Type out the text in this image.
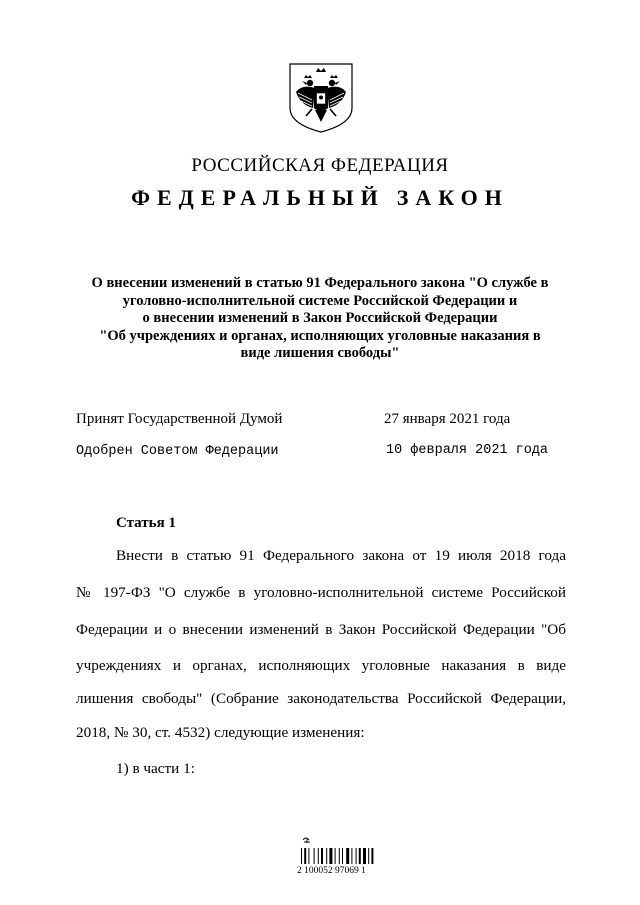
РОССИЙСКАЯ ФЕДЕРАЦИЯ
ФЕДЕРАЛЬНЫЙ ЗАКОН
О внесении изменений в статью 91 Федерального закона "О службе в
уголовно-исполнительной системе Российской Федерации и
о внесении изменений в Закон Российской Федерации
"Об учреждениях и органах, исполняющих уголовные наказания в
виде лишения свободы"
Принят Государственной Думой	27 января 2021 года
Одобрен Советом Федерации	10 февраля 2021 года
Статья 1
Внести в статью 91 Федерального закона от 19 июля 2018 года
№ 197-ФЗ "О службе в уголовно-исполнительной системе Российской
Федерации и о внесении изменений в Закон Российской Федерации "Об
учреждениях и органах, исполняющих уголовные наказания в виде
лишения свободы" (Собрание законодательства Российской Федерации,
2018, № 30, ст. 4532) следующие изменения:
1) в части 1:
2 100052 97069 1
